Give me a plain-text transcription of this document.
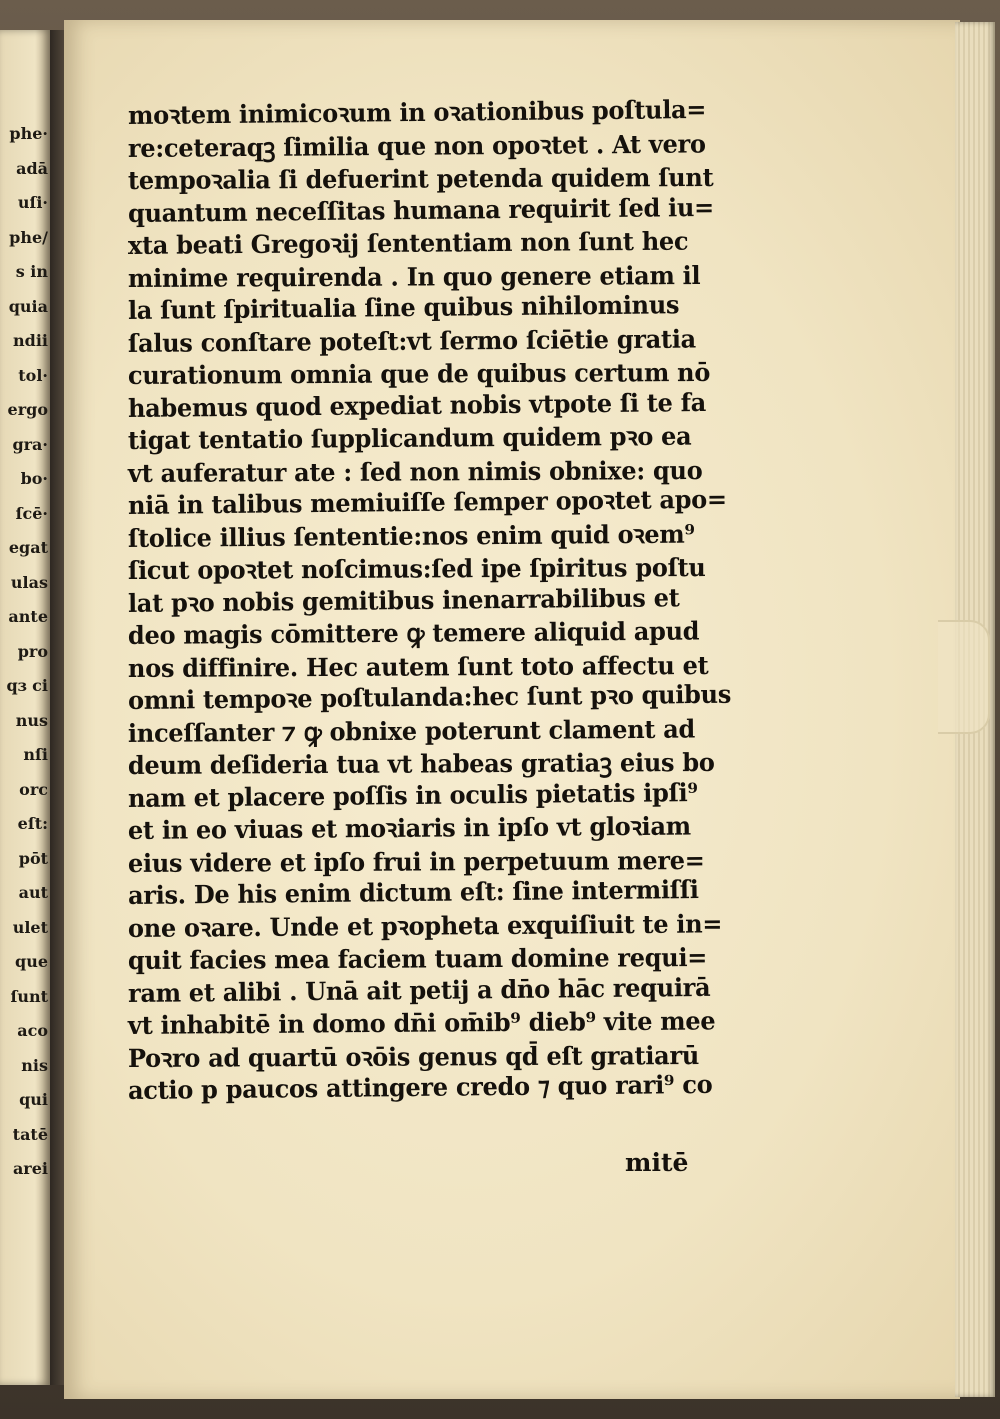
phe·
adā
uſi·
phe/
s in
quia
ndii
tol·
ergo
gra·
bo·
ſcē·
egat
ulas
ante
pro
qɜ ci
nus
nſi
orc
eſt:
pōt
aut
ulet
que
ſunt
aco
nis
qui
tatē
arei
moꝛtem inimicoꝛum in oꝛationibus poſtula=
re:ceteraqꝫ ſimilia que non opoꝛtet . At vero
tempoꝛalia ſi defuerint petenda quidem ſunt
quantum neceſſitas humana requirit ſed iu=
xta beati Gregoꝛij ſententiam non ſunt hec
minime requirenda . In quo genere etiam il
la ſunt ſpiritualia ſine quibus nihilominus
ſalus conſtare poteſt:vt ſermo ſciētie gratia
curationum omnia que de quibus certum nō
habemus quod expediat nobis vtpote ſi te fa
tigat tentatio ſupplicandum quidem pꝛo ea
vt auferatur ate : ſed non nimis obnixe: quo
niā in talibus memiuiſſe ſemper opoꝛtet apo=
ſtolice illius ſententie:nos enim quid oꝛem⁹
ſicut opoꝛtet noſcimus:ſed ipe ſpiritus poſtu
lat pꝛo nobis gemitibus inenarrabilibus et
deo magis cōmittere ꝙ temere aliquid apud
nos diffinire. Hec autem ſunt toto affectu et
omni tempoꝛe poſtulanda:hec ſunt pꝛo quibus
inceſſanter ⁊ ꝙ obnixe poterunt clament ad
deum deſideria tua vt habeas gratiaꝫ eius bo
nam et placere poſſis in oculis pietatis ipſi⁹
et in eo viuas et moꝛiaris in ipſo vt gloꝛiam
eius videre et ipſo frui in perpetuum mere=
aris. De his enim dictum eſt: ſine intermiſſi
one oꝛare. Unde et pꝛopheta exquiſiuit te in=
quit facies mea faciem tuam domine requi=
ram et alibi . Unā ait petij a dn̄o hāc requirā
vt inhabitē in domo dn̄i om̄ib⁹ dieb⁹ vite mee
Poꝛro ad quartū oꝛōis genus qd̄ eſt gratiarū
actio p paucos attingere credo ⁊ quo rari⁹ co
mitē
